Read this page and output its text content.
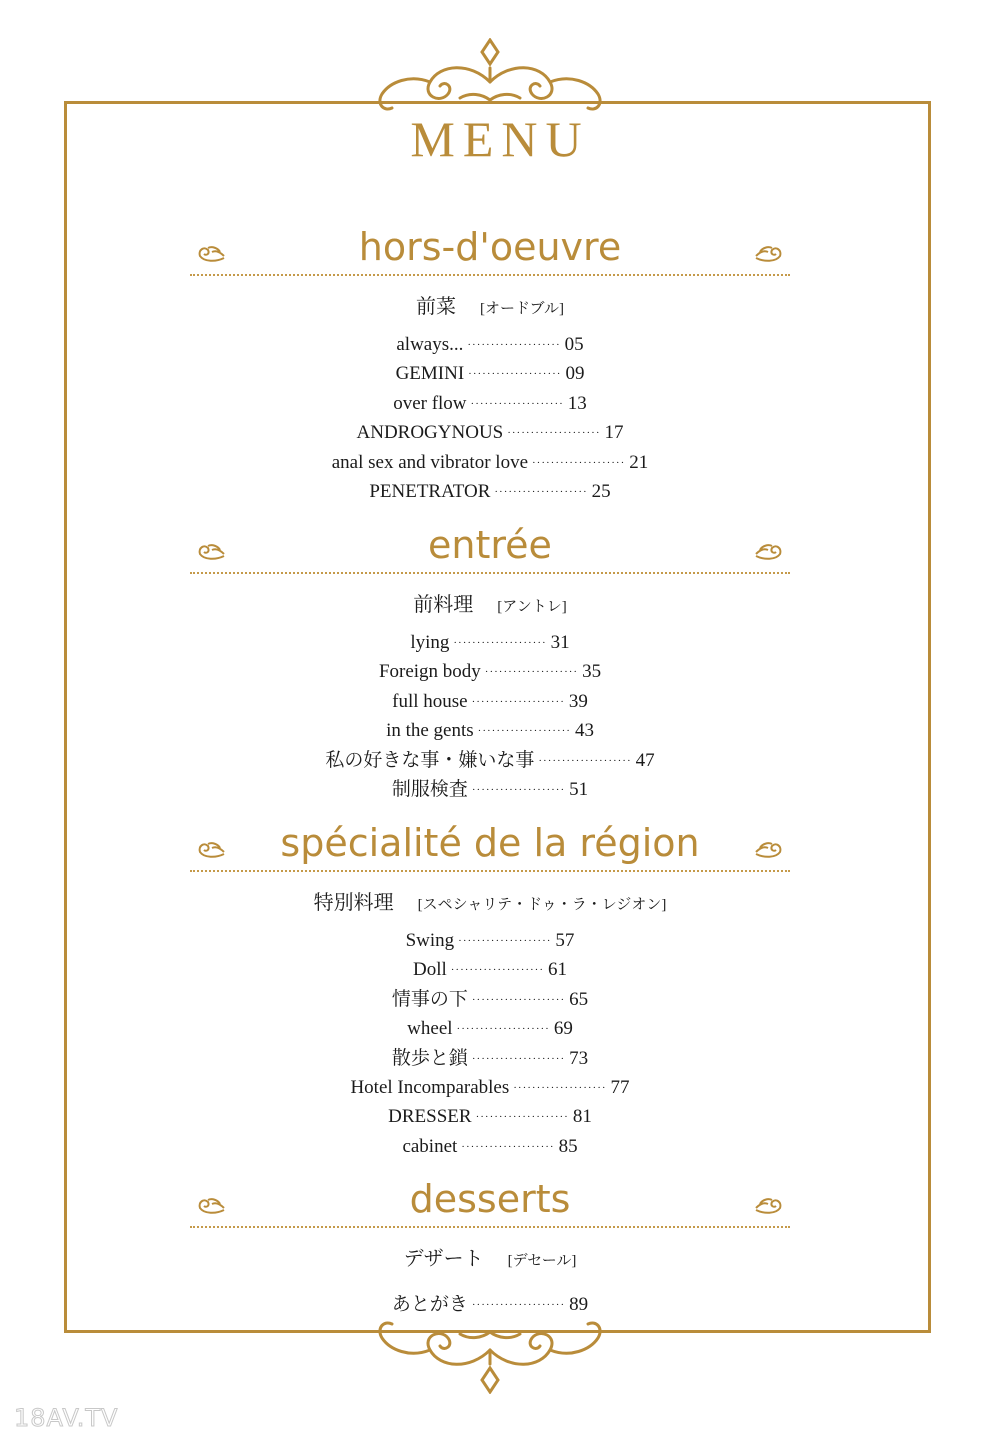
MENU
hors-d'oeuvre
前菜 [オードブル]
always... ···················· 05
GEMINI ···················· 09
over flow ···················· 13
ANDROGYNOUS ···················· 17
anal sex and vibrator love ···················· 21
PENETRATOR ···················· 25
entrée
前料理 [アントレ]
lying ···················· 31
Foreign body ···················· 35
full house ···················· 39
in the gents ···················· 43
私の好きな事・嫌いな事 ···················· 47
制服検査 ···················· 51
spécialité de la région
特別料理 [スペシャリテ・ドゥ・ラ・レジオン]
Swing ···················· 57
Doll ···················· 61
情事の下 ···················· 65
wheel ···················· 69
散歩と鎖 ···················· 73
Hotel Incomparables ···················· 77
DRESSER ···················· 81
cabinet ···················· 85
desserts
デザート [デセール]
あとがき ···················· 89
18AV.TV
